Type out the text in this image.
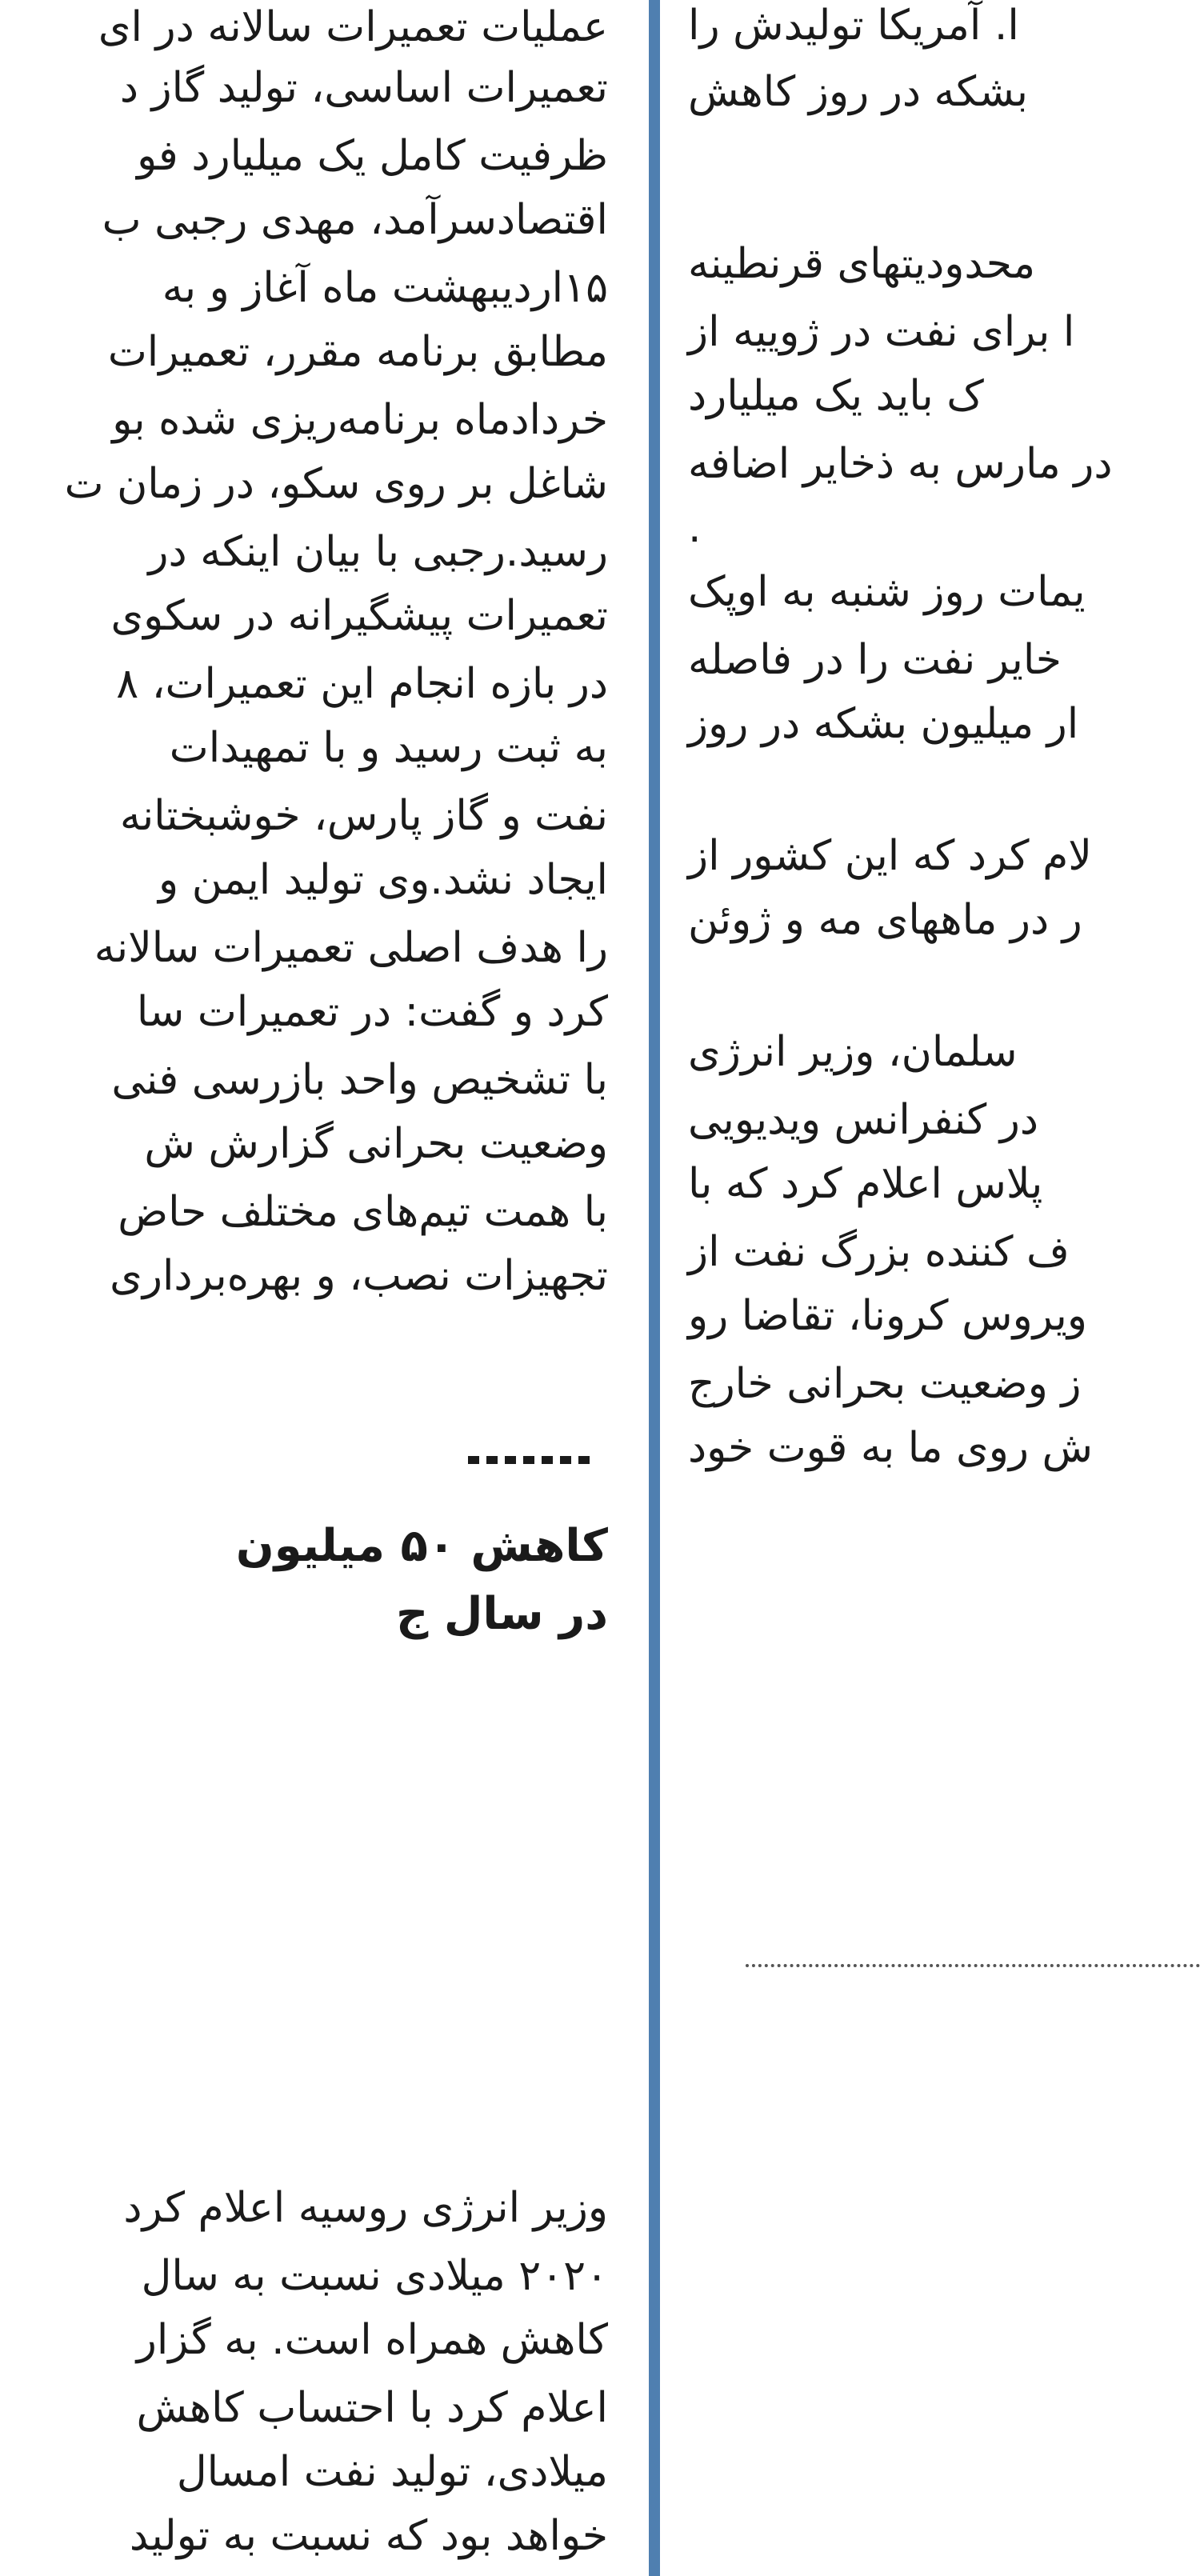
عملیات تعمیرات سالانه در ای

تعمیرات اساسی، تولید گاز د

ظرفیت کامل یک میلیارد فو

اقتصادسرآمد، مهدی رجبی ب

۱۵اردیبهشت ماه آغاز و به

مطابق برنامه مقرر، تعمیرات

خردادماه برنامه‌ریزی شده بو

شاغل بر روی سکو، در زمان ت

رسید.رجبی با بیان اینکه در

تعمیرات پیشگیرانه در سکوی

در بازه انجام این تعمیرات، ۸

به ثبت رسید و با تمهیدات

نفت و گاز پارس، خوشبختانه

ایجاد نشد.وی تولید ایمن و

را هدف اصلی تعمیرات سالانه

کرد و گفت: در تعمیرات سا

با تشخیص واحد بازرسی فنی

وضعیت بحرانی گزارش ش

با همت تیم‌های مختلف حاض

تجهیزات نصب، و بهره‌برداری

کاهش ۵۰ میلیون
در سال ج

وزیر انرژی روسیه اعلام کرد

۲۰۲۰ میلادی نسبت به سال

کاهش همراه است. به گزار

اعلام کرد با احتساب کاهش

میلادی، تولید نفت امسال

خواهد بود که نسبت به تولید

ا. آمریکا تولیدش را

بشکه در روز کاهش

محدودیتهای قرنطینه

ا برای نفت در ژوییه از

ک باید یک میلیارد

در مارس به ذخایر اضافه

.

یمات روز شنبه به اوپک

خایر نفت را در فاصله

ار میلیون بشکه در روز

لام کرد که این کشور از

ر در ماههای مه و ژوئن

سلمان، وزیر انرژی

در کنفرانس ویدیویی

پلاس اعلام کرد که با

ف کننده بزرگ نفت از

ویروس کرونا، تقاضا رو

ز وضعیت بحرانی خارج

ش روی ما به قوت خود
